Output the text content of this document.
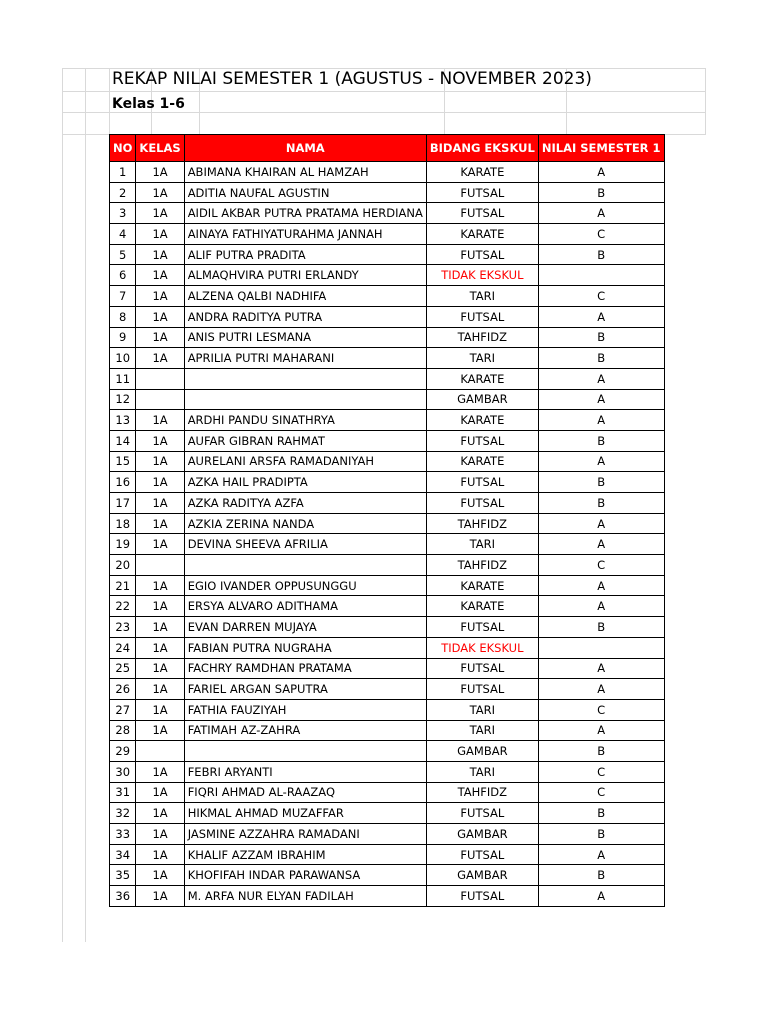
REKAP NILAI SEMESTER 1 (AGUSTUS - NOVEMBER 2023)
Kelas 1-6
NO	KELAS	NAMA	BIDANG EKSKUL	NILAI SEMESTER 1
1	1A	ABIMANA KHAIRAN AL HAMZAH	KARATE	A
2	1A	ADITIA NAUFAL AGUSTIN	FUTSAL	B
3	1A	AIDIL AKBAR PUTRA PRATAMA HERDIANA	FUTSAL	A
4	1A	AINAYA FATHIYATURAHMA JANNAH	KARATE	C
5	1A	ALIF PUTRA PRADITA	FUTSAL	B
6	1A	ALMAQHVIRA PUTRI ERLANDY	TIDAK EKSKUL	
7	1A	ALZENA QALBI NADHIFA	TARI	C
8	1A	ANDRA RADITYA PUTRA	FUTSAL	A
9	1A	ANIS PUTRI LESMANA	TAHFIDZ	B
10	1A	APRILIA PUTRI MAHARANI	TARI	B
11			KARATE	A
12			GAMBAR	A
13	1A	ARDHI PANDU SINATHRYA	KARATE	A
14	1A	AUFAR GIBRAN RAHMAT	FUTSAL	B
15	1A	AURELANI ARSFA RAMADANIYAH	KARATE	A
16	1A	AZKA HAIL PRADIPTA	FUTSAL	B
17	1A	AZKA RADITYA AZFA	FUTSAL	B
18	1A	AZKIA ZERINA NANDA	TAHFIDZ	A
19	1A	DEVINA SHEEVA AFRILIA	TARI	A
20			TAHFIDZ	C
21	1A	EGIO IVANDER OPPUSUNGGU	KARATE	A
22	1A	ERSYA ALVARO ADITHAMA	KARATE	A
23	1A	EVAN DARREN MUJAYA	FUTSAL	B
24	1A	FABIAN PUTRA NUGRAHA	TIDAK EKSKUL	
25	1A	FACHRY RAMDHAN PRATAMA	FUTSAL	A
26	1A	FARIEL ARGAN SAPUTRA	FUTSAL	A
27	1A	FATHIA FAUZIYAH	TARI	C
28	1A	FATIMAH AZ-ZAHRA	TARI	A
29			GAMBAR	B
30	1A	FEBRI ARYANTI	TARI	C
31	1A	FIQRI AHMAD AL-RAAZAQ	TAHFIDZ	C
32	1A	HIKMAL AHMAD MUZAFFAR	FUTSAL	B
33	1A	JASMINE AZZAHRA RAMADANI	GAMBAR	B
34	1A	KHALIF AZZAM IBRAHIM	FUTSAL	A
35	1A	KHOFIFAH INDAR PARAWANSA	GAMBAR	B
36	1A	M. ARFA NUR ELYAN FADILAH	FUTSAL	A
